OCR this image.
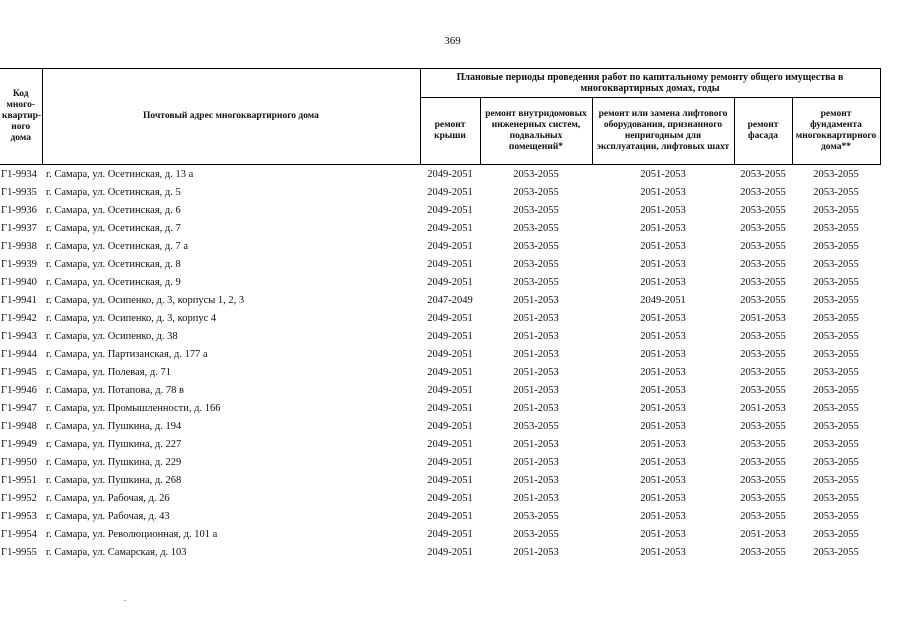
369
Код много-квартир-ного дома	Почтовый адрес многоквартирного дома	Плановые периоды проведения работ по капитальному ремонту общего имущества в многоквартирных домах, годы				
		ремонт крыши	ремонт внутридомовых инженерных систем, подвальных помещений*	ремонт или замена лифтового оборудования, признанного непригодным для эксплуатации, лифтовых шахт	ремонт фасада	ремонт фундамента многоквартирного дома**
Г1-9934	г. Самара, ул. Осетинская, д. 13 а	2049-2051	2053-2055	2051-2053	2053-2055	2053-2055
Г1-9935	г. Самара, ул. Осетинская, д. 5	2049-2051	2053-2055	2051-2053	2053-2055	2053-2055
Г1-9936	г. Самара, ул. Осетинская, д. 6	2049-2051	2053-2055	2051-2053	2053-2055	2053-2055
Г1-9937	г. Самара, ул. Осетинская, д. 7	2049-2051	2053-2055	2051-2053	2053-2055	2053-2055
Г1-9938	г. Самара, ул. Осетинская, д. 7 а	2049-2051	2053-2055	2051-2053	2053-2055	2053-2055
Г1-9939	г. Самара, ул. Осетинская, д. 8	2049-2051	2053-2055	2051-2053	2053-2055	2053-2055
Г1-9940	г. Самара, ул. Осетинская, д. 9	2049-2051	2053-2055	2051-2053	2053-2055	2053-2055
Г1-9941	г. Самара, ул. Осипенко, д. 3, корпусы 1, 2, 3	2047-2049	2051-2053	2049-2051	2053-2055	2053-2055
Г1-9942	г. Самара, ул. Осипенко, д. 3, корпус 4	2049-2051	2051-2053	2051-2053	2051-2053	2053-2055
Г1-9943	г. Самара, ул. Осипенко, д. 38	2049-2051	2051-2053	2051-2053	2053-2055	2053-2055
Г1-9944	г. Самара, ул. Партизанская, д. 177 а	2049-2051	2051-2053	2051-2053	2053-2055	2053-2055
Г1-9945	г. Самара, ул. Полевая, д. 71	2049-2051	2051-2053	2051-2053	2053-2055	2053-2055
Г1-9946	г. Самара, ул. Потапова, д. 78 в	2049-2051	2051-2053	2051-2053	2053-2055	2053-2055
Г1-9947	г. Самара, ул. Промышленности, д. 166	2049-2051	2051-2053	2051-2053	2051-2053	2053-2055
Г1-9948	г. Самара, ул. Пушкина, д. 194	2049-2051	2053-2055	2051-2053	2053-2055	2053-2055
Г1-9949	г. Самара, ул. Пушкина, д. 227	2049-2051	2051-2053	2051-2053	2053-2055	2053-2055
Г1-9950	г. Самара, ул. Пушкина, д. 229	2049-2051	2051-2053	2051-2053	2053-2055	2053-2055
Г1-9951	г. Самара, ул. Пушкина, д. 268	2049-2051	2051-2053	2051-2053	2053-2055	2053-2055
Г1-9952	г. Самара, ул. Рабочая, д. 26	2049-2051	2051-2053	2051-2053	2053-2055	2053-2055
Г1-9953	г. Самара, ул. Рабочая, д. 43	2049-2051	2053-2055	2051-2053	2053-2055	2053-2055
Г1-9954	г. Самара, ул. Революционная, д. 101 а	2049-2051	2053-2055	2051-2053	2051-2053	2053-2055
Г1-9955	г. Самара, ул. Самарская, д. 103	2049-2051	2051-2053	2051-2053	2053-2055	2053-2055
.
